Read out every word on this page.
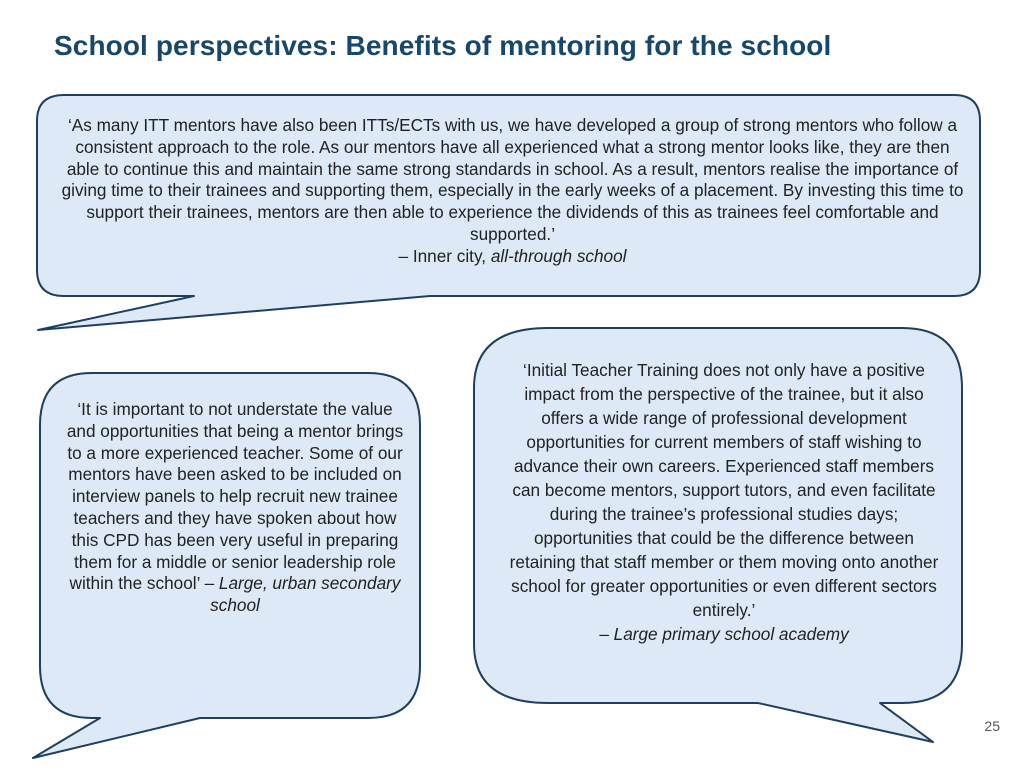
School perspectives: Benefits of mentoring for the school

‘As many ITT mentors have also been ITTs/ECTs with us, we have developed a group of strong mentors who follow a consistent approach to the role. As our mentors have all experienced what a strong mentor looks like, they are then able to continue this and maintain the same strong standards in school. As a result, mentors realise the importance of giving time to their trainees and supporting them, especially in the early weeks of a placement. By investing this time to support their trainees, mentors are then able to experience the dividends of this as trainees feel comfortable and supported.’

– Inner city, all-through school

‘It is important to not understate the value and opportunities that being a mentor brings to a more experienced teacher. Some of our mentors have been asked to be included on interview panels to help recruit new trainee teachers and they have spoken about how this CPD has been very useful in preparing them for a middle or senior leadership role within the school’ – Large, urban secondary school

‘Initial Teacher Training does not only have a positive impact from the perspective of the trainee, but it also offers a wide range of professional development opportunities for current members of staff wishing to advance their own careers. Experienced staff members can become mentors, support tutors, and even facilitate during the trainee’s professional studies days; opportunities that could be the difference between retaining that staff member or them moving onto another school for greater opportunities or even different sectors entirely.’

– Large primary school academy

25
